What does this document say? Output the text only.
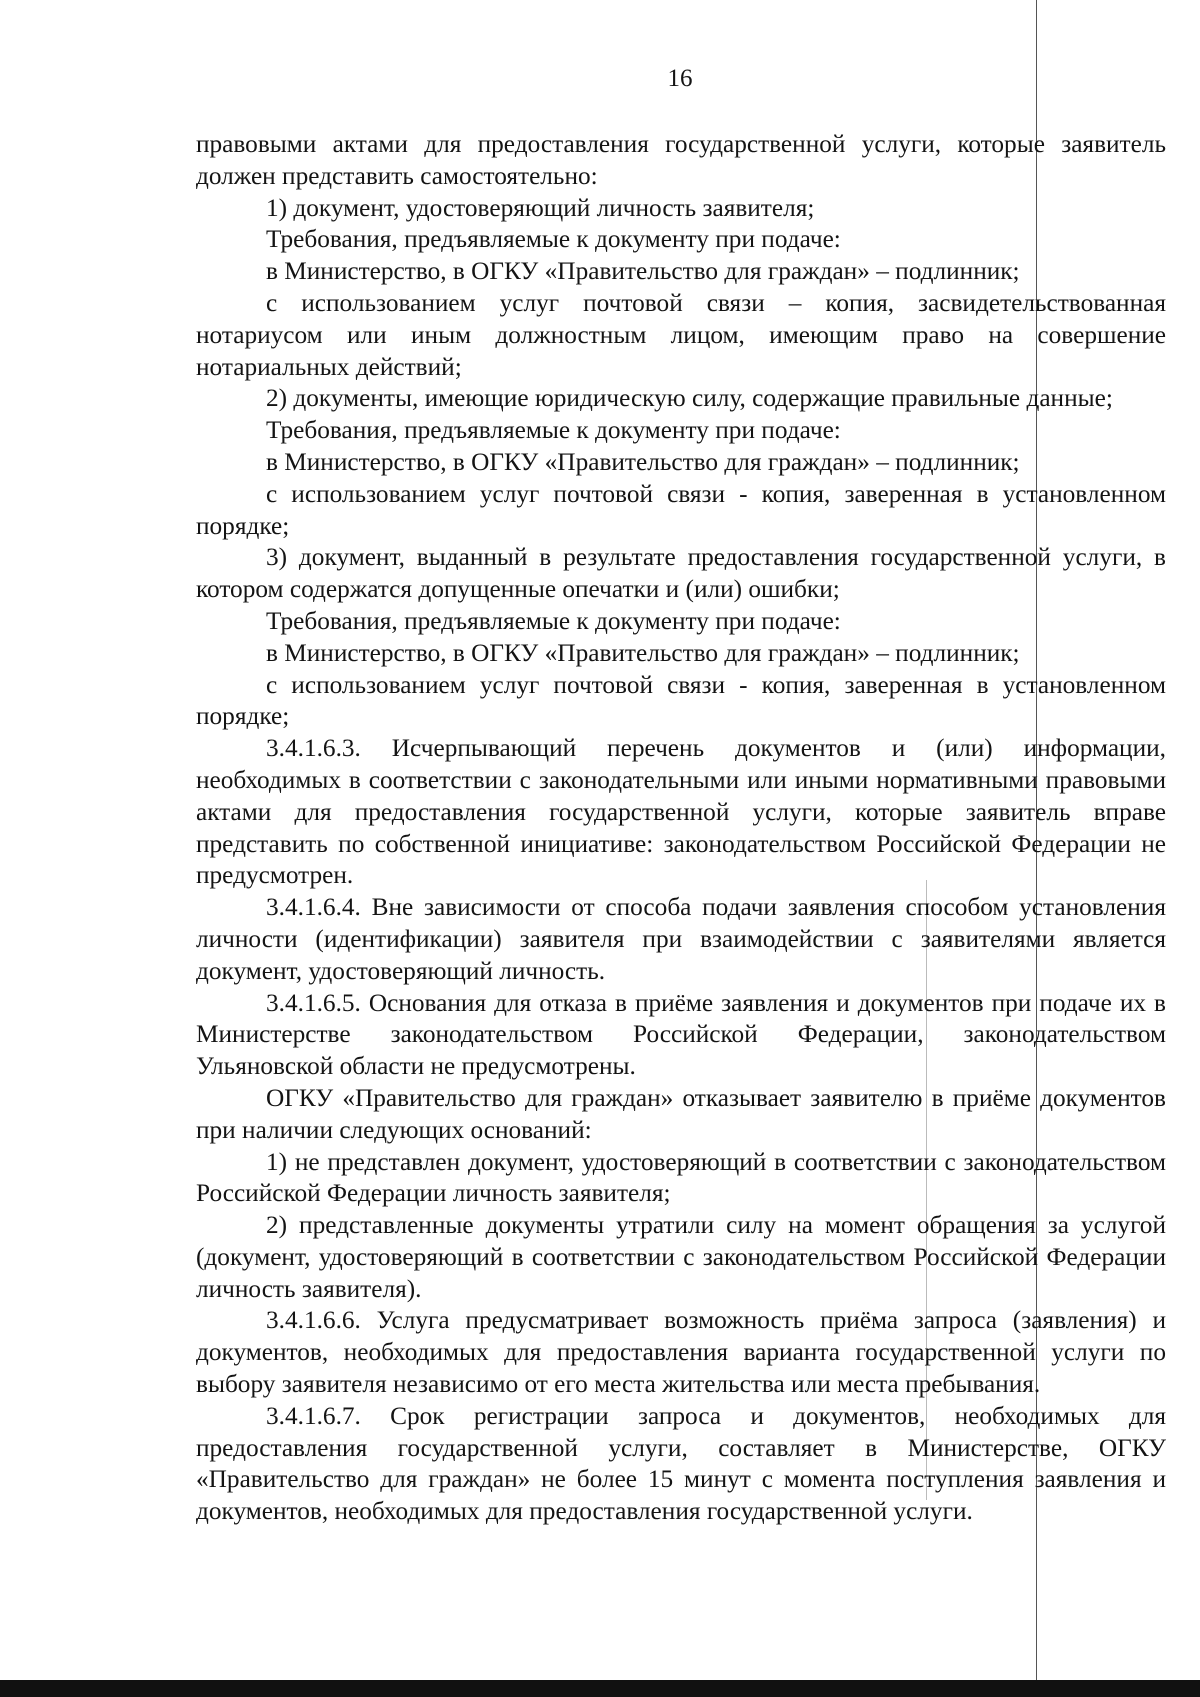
16

правовыми актами для предоставления государственной услуги, которые заявитель должен представить самостоятельно:

1) документ, удостоверяющий личность заявителя;

Требования, предъявляемые к документу при подаче:

в Министерство, в ОГКУ «Правительство для граждан» – подлинник;

с использованием услуг почтовой связи – копия, засвидетельствованная нотариусом или иным должностным лицом, имеющим право на совершение нотариальных действий;

2) документы, имеющие юридическую силу, содержащие правильные данные;

Требования, предъявляемые к документу при подаче:

в Министерство, в ОГКУ «Правительство для граждан» – подлинник;

с использованием услуг почтовой связи - копия, заверенная в установленном порядке;

3) документ, выданный в результате предоставления государственной услуги, в котором содержатся допущенные опечатки и (или) ошибки;

Требования, предъявляемые к документу при подаче:

в Министерство, в ОГКУ «Правительство для граждан» – подлинник;

с использованием услуг почтовой связи - копия, заверенная в установленном порядке;

3.4.1.6.3. Исчерпывающий перечень документов и (или) информации, необходимых в соответствии с законодательными или иными нормативными правовыми актами для предоставления государственной услуги, которые заявитель вправе представить по собственной инициативе: законодательством Российской Федерации не предусмотрен.

3.4.1.6.4. Вне зависимости от способа подачи заявления способом установления личности (идентификации) заявителя при взаимодействии с заявителями является документ, удостоверяющий личность.

3.4.1.6.5. Основания для отказа в приёме заявления и документов при подаче их в Министерстве законодательством Российской Федерации, законодательством Ульяновской области не предусмотрены.

ОГКУ «Правительство для граждан» отказывает заявителю в приёме документов при наличии следующих оснований:

1) не представлен документ, удостоверяющий в соответствии с законодательством Российской Федерации личность заявителя;

2) представленные документы утратили силу на момент обращения за услугой (документ, удостоверяющий в соответствии с законодательством Российской Федерации личность заявителя).

3.4.1.6.6. Услуга предусматривает возможность приёма запроса (заявления) и документов, необходимых для предоставления варианта государственной услуги по выбору заявителя независимо от его места жительства или места пребывания.

3.4.1.6.7. Срок регистрации запроса и документов, необходимых для предоставления государственной услуги, составляет в Министерстве, ОГКУ «Правительство для граждан» не более 15 минут с момента поступления заявления и документов, необходимых для предоставления государственной услуги.
